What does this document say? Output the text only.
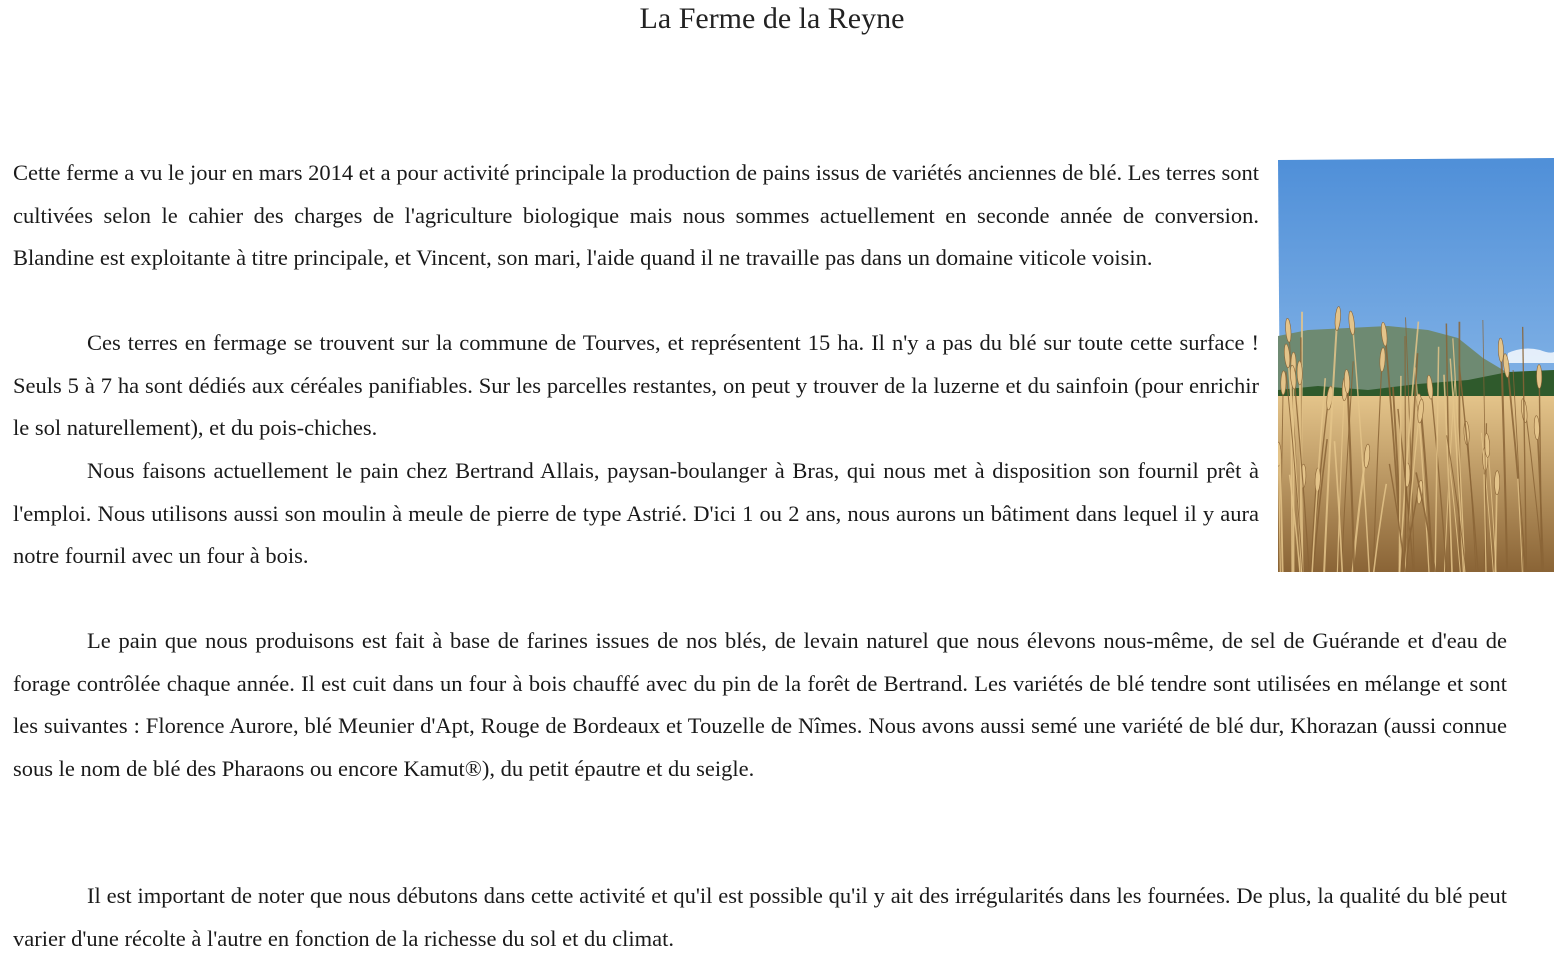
La Ferme de la Reyne

Cette ferme a vu le jour en mars 2014 et a pour activité principale la production de pains issus de variétés anciennes de blé. Les terres sont cultivées selon le cahier des charges de l'agriculture biologique mais nous sommes actuellement en seconde année de conversion. Blandine est exploitante à titre principale, et Vincent, son mari, l'aide quand il ne travaille pas dans un domaine viticole voisin.

Ces terres en fermage se trouvent sur la commune de Tourves, et représentent 15 ha. Il n'y a pas du blé sur toute cette surface ! Seuls 5 à 7 ha sont dédiés aux céréales panifiables. Sur les parcelles restantes, on peut y trouver de la luzerne et du sainfoin (pour enrichir le sol naturellement), et du pois-chiches.

Nous faisons actuellement le pain chez Bertrand Allais, paysan-boulanger à Bras, qui nous met à disposition son fournil prêt à l'emploi. Nous utilisons aussi son moulin à meule de pierre de type Astrié. D'ici 1 ou 2 ans, nous aurons un bâtiment dans lequel il y aura notre fournil avec un four à bois.

Le pain que nous produisons est fait à base de farines issues de nos blés, de levain naturel que nous élevons nous-même, de sel de Guérande et d'eau de forage contrôlée chaque année. Il est cuit dans un four à bois chauffé avec du pin de la forêt de Bertrand. Les variétés de blé tendre sont utilisées en mélange et sont les suivantes : Florence Aurore, blé Meunier d'Apt, Rouge de Bordeaux et Touzelle de Nîmes. Nous avons aussi semé une variété de blé dur, Khorazan (aussi connue sous le nom de blé des Pharaons ou encore Kamut®), du petit épautre et du seigle.

Il est important de noter que nous débutons dans cette activité et qu'il est possible qu'il y ait des irrégularités dans les fournées. De plus, la qualité du blé peut varier d'une récolte à l'autre en fonction de la richesse du sol et du climat.
